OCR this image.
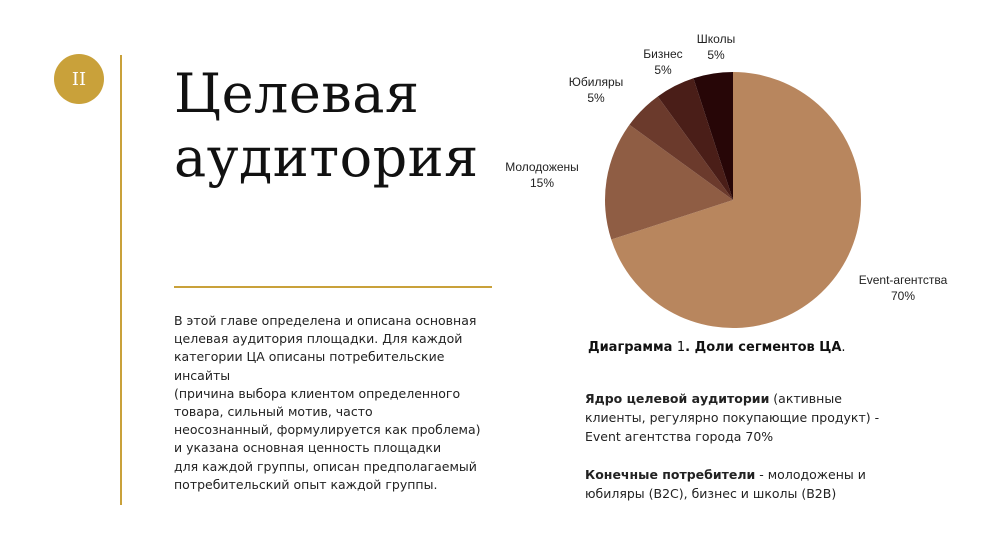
II	Целевая
аудитория
В этой главе определена и описана основная
целевая аудитория площадки. Для каждой
категории ЦА описаны потребительские
инсайты
(причина выбора клиентом определенного
товара, сильный мотив, часто
неосознанный, формулируется как проблема)
и указана основная ценность площадки
для каждой группы, описан предполагаемый
потребительский опыт каждой группы.
Event-агентства
70%
Молодожены
15%
Юбиляры
5%
Бизнес
5%
Школы
5%
Диаграмма 1. Доли сегментов ЦА.
Ядро целевой аудитории (активные
клиенты, регулярно покупающие продукт) -
Event агентства города 70%
Конечные потребители - молодожены и
юбиляры (B2C), бизнес и школы (B2B)
